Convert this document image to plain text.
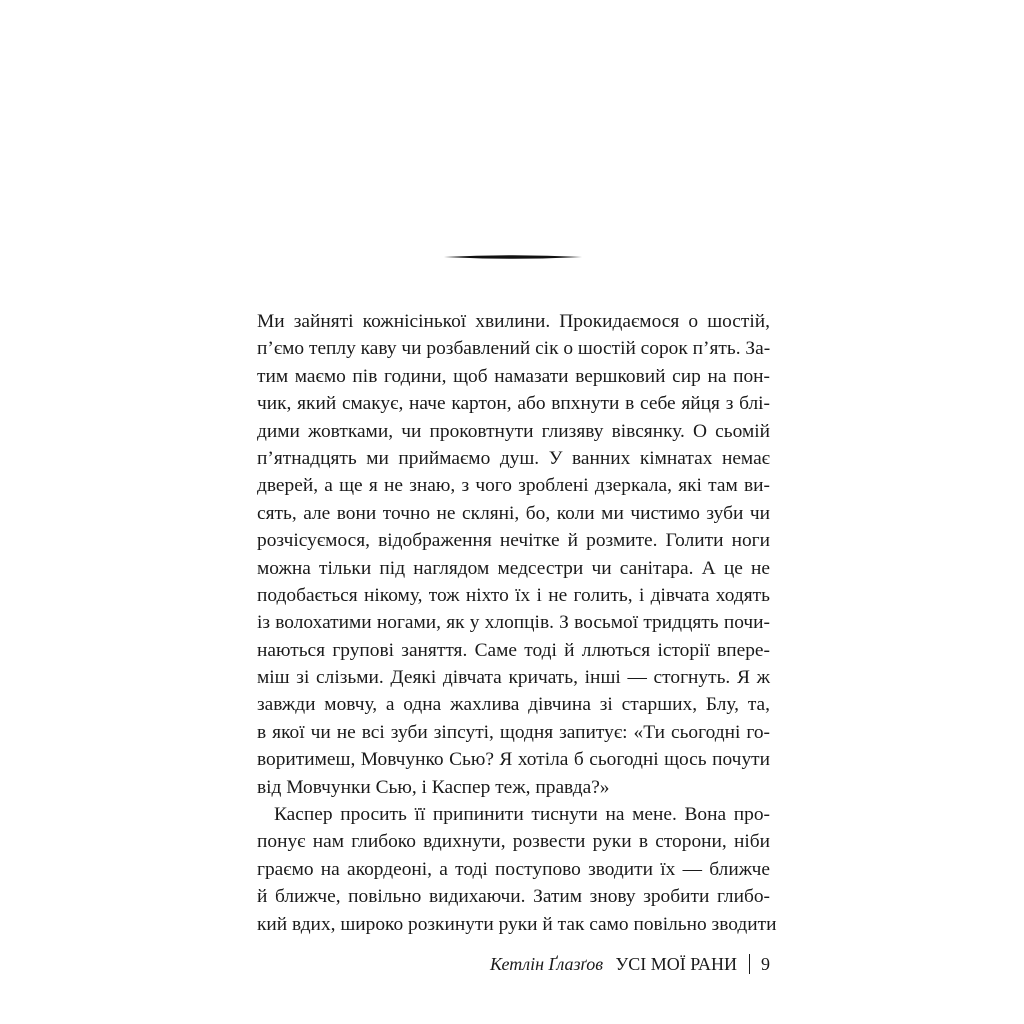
Ми зайняті кожнісінької хвилини. Прокидаємося о шостій,
п’ємо теплу каву чи розбавлений сік о шостій сорок п’ять. За-
тим маємо пів години, щоб намазати вершковий сир на пон-
чик, який смакує, наче картон, або впхнути в себе яйця з блі-
дими жовтками, чи проковтнути глизяву вівсянку. О сьомій
п’ятнадцять ми приймаємо душ. У ванних кімнатах немає
дверей, а ще я не знаю, з чого зроблені дзеркала, які там ви-
сять, але вони точно не скляні, бо, коли ми чистимо зуби чи
розчісуємося, відображення нечітке й розмите. Голити ноги
можна тільки під наглядом медсестри чи санітара. А це не
подобається нікому, тож ніхто їх і не голить, і дівчата ходять
із волохатими ногами, як у хлопців. З восьмої тридцять почи-
наються групові заняття. Саме тоді й ллються історії впере-
міш зі слізьми. Деякі дівчата кричать, інші — стогнуть. Я ж
завжди мовчу, а одна жахлива дівчина зі старших, Блу, та,
в якої чи не всі зуби зіпсуті, щодня запитує: «Ти сьогодні го-
воритимеш, Мовчунко Сью? Я хотіла б сьогодні щось почути
від Мовчунки Сью, і Каспер теж, правда?»
Каспер просить її припинити тиснути на мене. Вона про-
понує нам глибоко вдихнути, розвести руки в сторони, ніби
граємо на акордеоні, а тоді поступово зводити їх — ближче
й ближче, повільно видихаючи. Затим знову зробити глибо-
кий вдих, широко розкинути руки й так само повільно зводити
Кетлін Ґлазґов УСІ МОЇ РАНИ 9
